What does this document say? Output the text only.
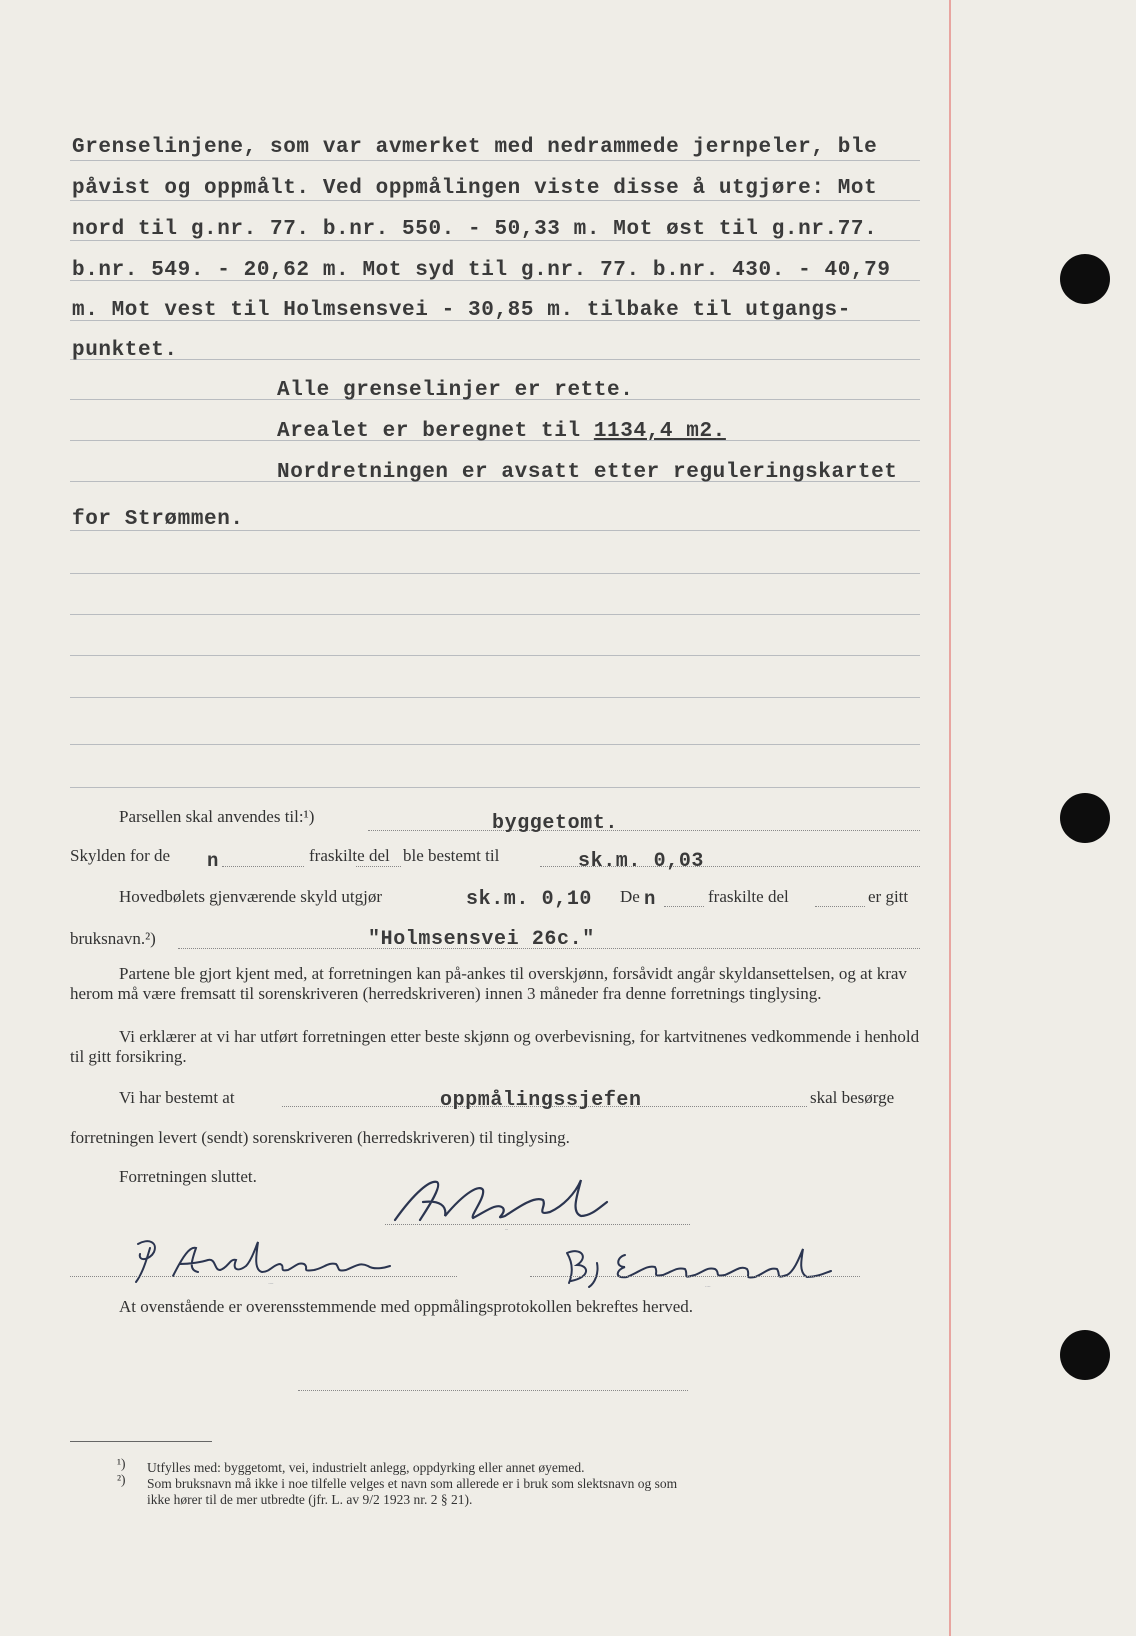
Grenselinjene, som var avmerket med nedrammede jernpeler, ble
påvist og oppmålt. Ved oppmålingen viste disse å utgjøre: Mot
nord til g.nr. 77. b.nr. 550. - 50,33 m. Mot øst til g.nr.77.
b.nr. 549. - 20,62 m. Mot syd til g.nr. 77. b.nr. 430. - 40,79
m. Mot vest til Holmsensvei - 30,85 m. tilbake til utgangs-
punktet.
Alle grenselinjer er rette.
Arealet er beregnet til 1134,4 m2.
Nordretningen er avsatt etter reguleringskartet
for Strømmen.
Parsellen skal anvendes til:¹)	byggetomt.
Skylden for de n	fraskilte del ble bestemt til	sk.m. 0,03
Hovedbølets gjenværende skyld utgjør	sk.m. 0,10 De n	fraskilte del	er gitt
bruksnavn.²)	"Holmsensvei 26c."
Partene ble gjort kjent med, at forretningen kan på-ankes til overskjønn, forsåvidt angår skyldansettelsen, og at krav herom må være fremsatt til sorenskriveren (herredskriveren) innen 3 måneder fra denne forretnings tinglysing.
Vi erklærer at vi har utført forretningen etter beste skjønn og overbevisning, for kartvitnenes vedkommende i henhold til gitt forsikring.
Vi har bestemt at	oppmålingssjefen	skal besørge
forretningen levert (sendt) sorenskriveren (herredskriveren) til tinglysing.
Forretningen sluttet.
Mandal
P. Andersson.
Bj. Evensrud.
At ovenstående er overensstemmende med oppmålingsprotokollen bekreftes herved.
¹) Utfylles med: byggetomt, vei, industrielt anlegg, oppdyrking eller annet øyemed.
²) Som bruksnavn må ikke i noe tilfelle velges et navn som allerede er i bruk som slektsnavn og som
ikke hører til de mer utbredte (jfr. L. av 9/2 1923 nr. 2 § 21).
